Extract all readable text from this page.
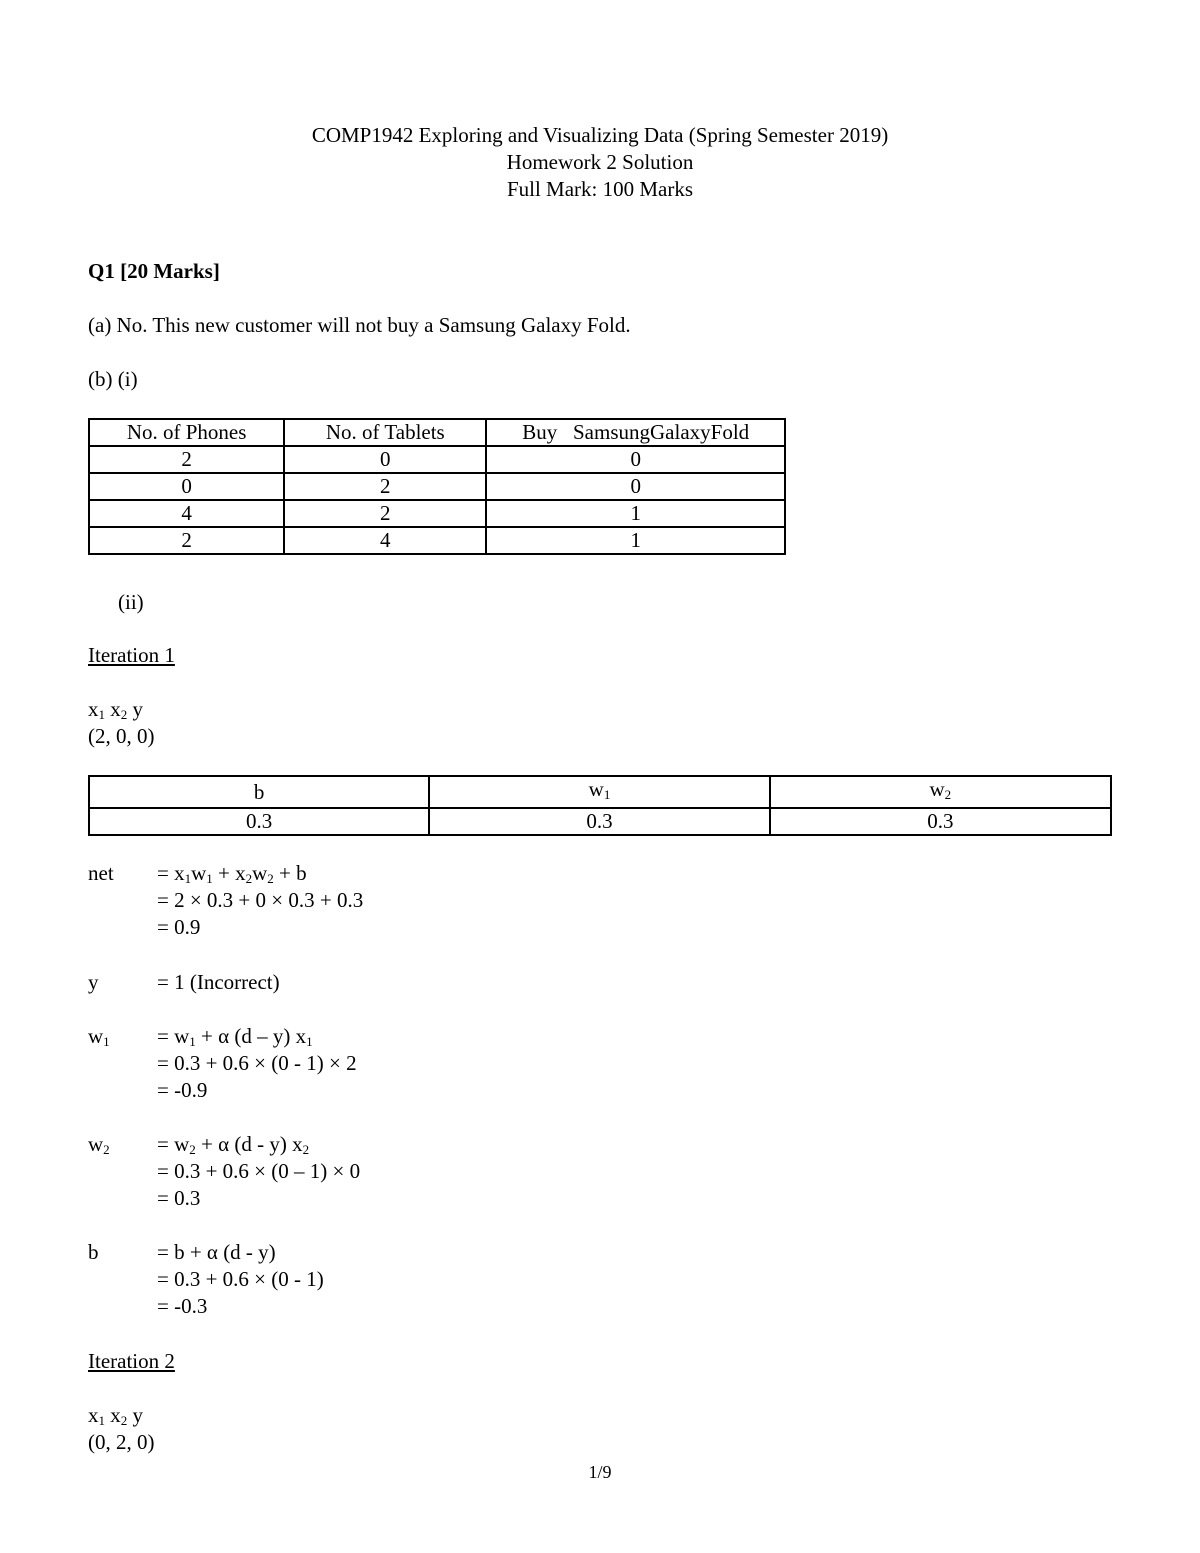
COMP1942 Exploring and Visualizing Data (Spring Semester 2019)
Homework 2 Solution
Full Mark: 100 Marks
Q1 [20 Marks]
(a) No. This new customer will not buy a Samsung Galaxy Fold.
(b) (i)
No. of Phones	No. of Tablets	Buy   SamsungGalaxyFold
2	0	0
0	2	0
4	2	1
2	4	1
(ii)
Iteration 1
$x_1$ $x_2$ y
(2, 0, 0)
b	$w_1$	$w_2$
0.3	0.3	0.3
net = $x_1w_1 + x_2w_2 + b$
= 2 × 0.3 + 0 × 0.3 + 0.3
= 0.9
y	= 1 (Incorrect)
$w_1 = w_1 + \alpha$ (d – y) $x_1$
= 0.3 + 0.6 × (0 - 1) × 2
= -0.9
$w_2 = w_2 + \alpha$ (d - y) $x_2$
= 0.3 + 0.6 × (0 – 1) × 0
= 0.3
b	= b + α (d - y)
= 0.3 + 0.6 × (0 - 1)
= -0.3
Iteration 2
$x_1$ $x_2$ y
(0, 2, 0)
1/9
